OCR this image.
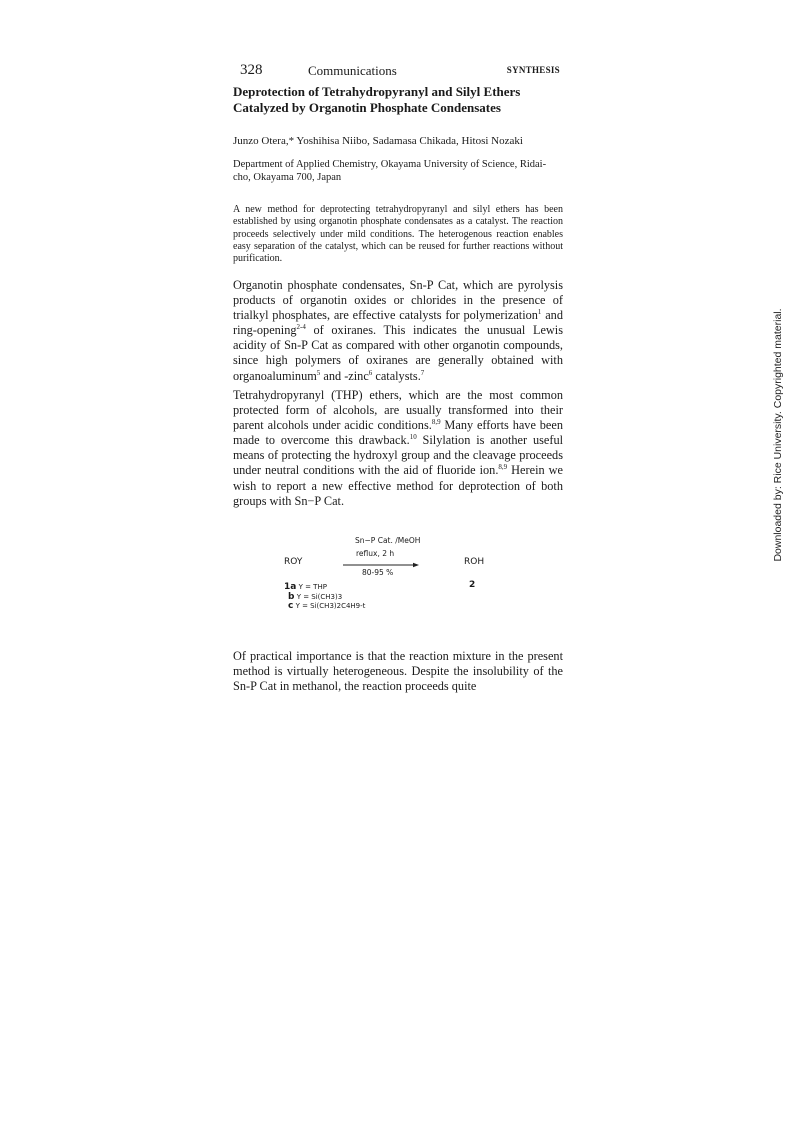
328	Communications	SYNTHESIS
Deprotection of Tetrahydropyranyl and Silyl Ethers Catalyzed by Organotin Phosphate Condensates
Junzo Otera,* Yoshihisa Niibo, Sadamasa Chikada, Hitosi Nozaki
Department of Applied Chemistry, Okayama University of Science, Ridai-cho, Okayama 700, Japan
A new method for deprotecting tetrahydropyranyl and silyl ethers has been established by using organotin phosphate condensates as a catalyst. The reaction proceeds selectively under mild conditions. The heterogenous reaction enables easy separation of the catalyst, which can be reused for further reactions without purification.
Organotin phosphate condensates, Sn-P Cat, which are pyrolysis products of organotin oxides or chlorides in the presence of trialkyl phosphates, are effective catalysts for polymerization$^1$ and ring-opening$^{2-4}$ of oxiranes. This indicates the unusual Lewis acidity of Sn-P Cat as compared with other organotin compounds, since high polymers of oxiranes are generally obtained with organoaluminum$^5$ and -zinc$^6$ catalysts.$^7$
Tetrahydropyranyl (THP) ethers, which are the most common protected form of alcohols, are usually transformed into their parent alcohols under acidic conditions.$^{8,9}$ Many efforts have been made to overcome this drawback.$^{10}$ Silylation is another useful means of protecting the hydroxyl group and the cleavage proceeds under neutral conditions with the aid of fluoride ion.$^{8,9}$ Herein we wish to report a new effective method for deprotection of both groups with Sn−P Cat.
Sn−P Cat. /MeOH
reflux, 2 h
80-95 %
ROY	ROH
2
1a Y = THP
b Y = Si(CH3)3
c Y = Si(CH3)2C4H9-t
Of practical importance is that the reaction mixture in the present method is virtually heterogeneous. Despite the insolubility of the Sn-P Cat in methanol, the reaction proceeds quite
Downloaded by: Rice University. Copyrighted material.
